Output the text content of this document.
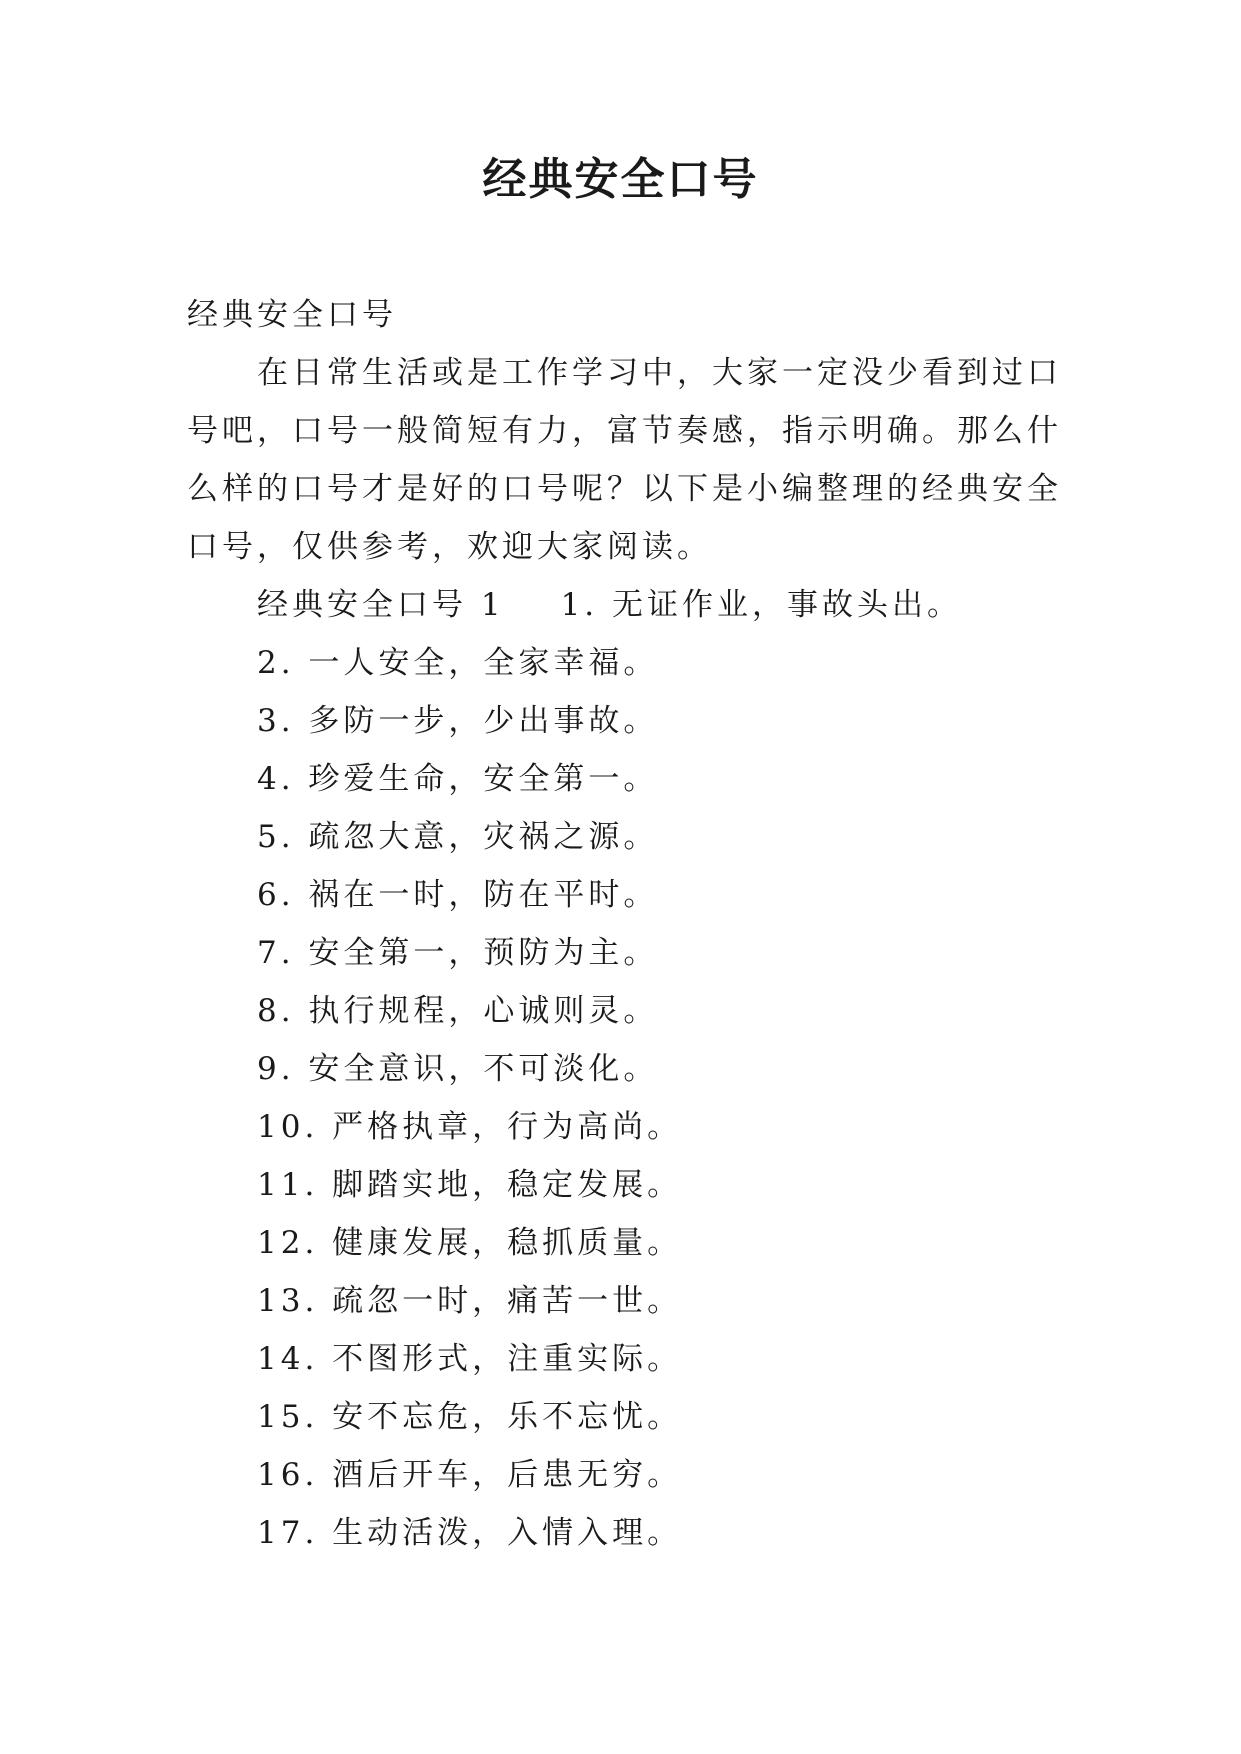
经典安全口号

经典安全口号

在日常生活或是工作学习中，大家一定没少看到过口号吧，口号一般简短有力，富节奏感，指示明确。那么什么样的口号才是好的口号呢？以下是小编整理的经典安全口号，仅供参考，欢迎大家阅读。

经典安全口号 1 1. 无证作业，事故头出。
2. 一人安全，全家幸福。
3. 多防一步，少出事故。
4. 珍爱生命，安全第一。
5. 疏忽大意，灾祸之源。
6. 祸在一时，防在平时。
7. 安全第一，预防为主。
8. 执行规程，心诚则灵。
9. 安全意识，不可淡化。
10. 严格执章，行为高尚。
11. 脚踏实地，稳定发展。
12. 健康发展，稳抓质量。
13. 疏忽一时，痛苦一世。
14. 不图形式，注重实际。
15. 安不忘危，乐不忘忧。
16. 酒后开车，后患无穷。
17. 生动活泼，入情入理。
